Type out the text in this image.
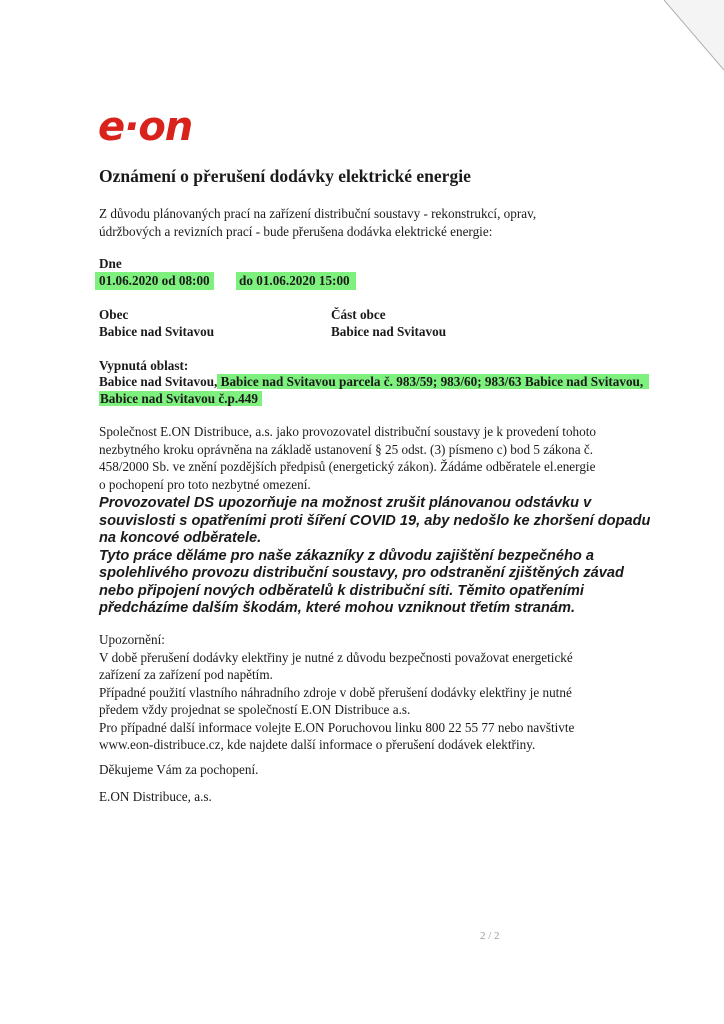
e·on
Oznámení o přerušení dodávky elektrické energie

Z důvodu plánovaných prací na zařízení distribuční soustavy - rekonstrukcí, oprav,
údržbových a revizních prací - bude přerušena dodávka elektrické energie:

Dne
01.06.2020 od 08:00	do 01.06.2020 15:00
Obec
Babice nad Svitavou
Část obce
Babice nad Svitavou
Vypnutá oblast:
Babice nad Svitavou, Babice nad Svitavou parcela č. 983/59; 983/60; 983/63 Babice nad Svitavou,
Babice nad Svitavou č.p.449

Společnost E.ON Distribuce, a.s. jako provozovatel distribuční soustavy je k provedení tohoto
nezbytného kroku oprávněna na základě ustanovení § 25 odst. (3) písmeno c) bod 5 zákona č.
458/2000 Sb. ve znění pozdějších předpisů (energetický zákon). Žádáme odběratele el.energie
o pochopení pro toto nezbytné omezení.

Provozovatel DS upozorňuje na možnost zrušit plánovanou odstávku v
souvislosti s opatřeními proti šíření COVID 19, aby nedošlo ke zhoršení dopadu
na koncové odběratele.
Tyto práce děláme pro naše zákazníky z důvodu zajištění bezpečného a
spolehlivého provozu distribuční soustavy, pro odstranění zjištěných závad
nebo připojení nových odběratelů k distribuční síti. Těmito opatřeními
předcházíme dalším škodám, které mohou vzniknout třetím stranám.

Upozornění:
V době přerušení dodávky elektřiny je nutné z důvodu bezpečnosti považovat energetické
zařízení za zařízení pod napětím.
Případné použití vlastního náhradního zdroje v době přerušení dodávky elektřiny je nutné
předem vždy projednat se společností E.ON Distribuce a.s.
Pro případné další informace volejte E.ON Poruchovou linku 800 22 55 77 nebo navštivte
www.eon-distribuce.cz, kde najdete další informace o přerušení dodávek elektřiny.

Děkujeme Vám za pochopení.
E.ON Distribuce, a.s.
2 / 2
